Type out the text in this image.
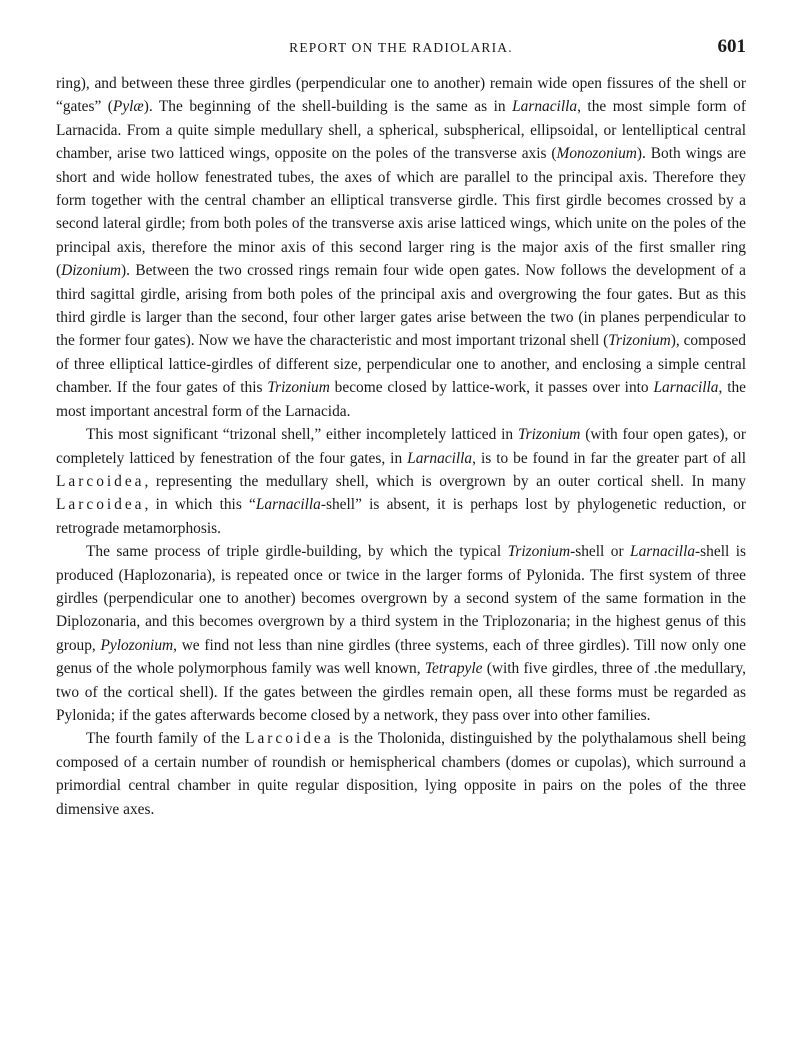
REPORT ON THE RADIOLARIA.	601

ring), and between these three girdles (perpendicular one to another) remain wide open fissures of the shell or “gates” (Pylæ). The beginning of the shell-building is the same as in Larnacilla, the most simple form of Larnacida. From a quite simple medullary shell, a spherical, subspherical, ellipsoidal, or lentelliptical central chamber, arise two latticed wings, opposite on the poles of the transverse axis (Monozonium). Both wings are short and wide hollow fenestrated tubes, the axes of which are parallel to the principal axis. Therefore they form together with the central chamber an elliptical transverse girdle. This first girdle becomes crossed by a second lateral girdle; from both poles of the transverse axis arise latticed wings, which unite on the poles of the principal axis, therefore the minor axis of this second larger ring is the major axis of the first smaller ring (Dizonium). Between the two crossed rings remain four wide open gates. Now follows the development of a third sagittal girdle, arising from both poles of the principal axis and overgrowing the four gates. But as this third girdle is larger than the second, four other larger gates arise between the two (in planes perpendicular to the former four gates). Now we have the characteristic and most important trizonal shell (Trizonium), composed of three elliptical lattice-girdles of different size, perpendicular one to another, and enclosing a simple central chamber. If the four gates of this Trizonium become closed by lattice-work, it passes over into Larnacilla, the most important ancestral form of the Larnacida.

This most significant “trizonal shell,” either incompletely latticed in Trizonium (with four open gates), or completely latticed by fenestration of the four gates, in Larnacilla, is to be found in far the greater part of all Larcoidea, representing the medullary shell, which is overgrown by an outer cortical shell. In many Larcoidea, in which this “Larnacilla-shell” is absent, it is perhaps lost by phylogenetic reduction, or retrograde metamorphosis.

The same process of triple girdle-building, by which the typical Trizonium-shell or Larnacilla-shell is produced (Haplozonaria), is repeated once or twice in the larger forms of Pylonida. The first system of three girdles (perpendicular one to another) becomes overgrown by a second system of the same formation in the Diplozonaria, and this becomes overgrown by a third system in the Triplozonaria; in the highest genus of this group, Pylozonium, we find not less than nine girdles (three systems, each of three girdles). Till now only one genus of the whole polymorphous family was well known, Tetrapyle (with five girdles, three of .the medullary, two of the cortical shell). If the gates between the girdles remain open, all these forms must be regarded as Pylonida; if the gates afterwards become closed by a network, they pass over into other families.

The fourth family of the Larcoidea is the Tholonida, distinguished by the polythalamous shell being composed of a certain number of roundish or hemispherical chambers (domes or cupolas), which surround a primordial central chamber in quite regular disposition, lying opposite in pairs on the poles of the three dimensive axes.
